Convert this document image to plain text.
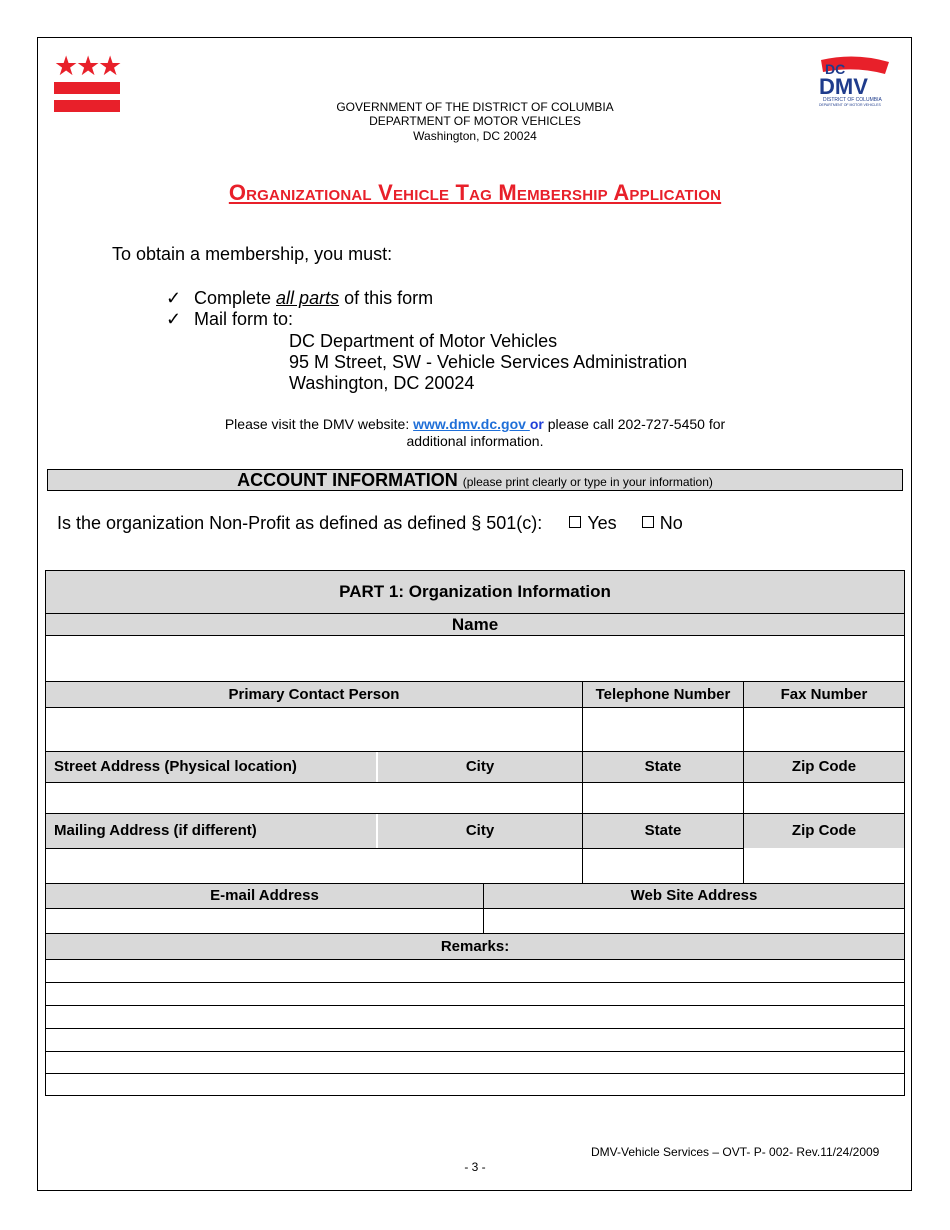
★
★
★	DC
DMV
DISTRICT OF COLUMBIA
DEPARTMENT OF MOTOR VEHICLES
GOVERNMENT OF THE DISTRICT OF COLUMBIA
DEPARTMENT OF MOTOR VEHICLES
Washington, DC 20024
Organizational Vehicle Tag Membership Application
To obtain a membership, you must:
✓ Complete all parts of this form
✓ Mail form to:
DC Department of Motor Vehicles
95 M Street, SW - Vehicle Services Administration
Washington, DC 20024
Please visit the DMV website: www.dmv.dc.gov or please call 202-727-5450 for
additional information.
ACCOUNT INFORMATION (please print clearly or type in your information)
Is the organization Non-Profit as defined as defined § 501(c):	Yes No
PART 1: Organization Information
Name
Primary Contact Person	Telephone Number	Fax Number
Street Address (Physical location)	City	State	Zip Code
Mailing Address (if different)	City	State	Zip Code
E-mail Address	Web Site Address
Remarks:
DMV-Vehicle Services – OVT- P- 002- Rev.11/24/2009
- 3 -
